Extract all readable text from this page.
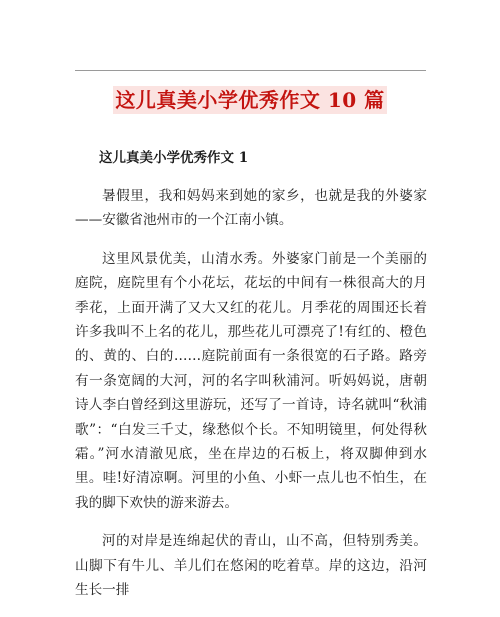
这儿真美小学优秀作文 10 篇
这儿真美小学优秀作文 1

暑假里，我和妈妈来到她的家乡，也就是我的外婆家——安徽省池州市的一个江南小镇。

这里风景优美，山清水秀。外婆家门前是一个美丽的庭院，庭院里有个小花坛，花坛的中间有一株很高大的月季花，上面开满了又大又红的花儿。月季花的周围还长着许多我叫不上名的花儿，那些花儿可漂亮了!有红的、橙色的、黄的、白的……庭院前面有一条很宽的石子路。路旁有一条宽阔的大河，河的名字叫秋浦河。听妈妈说，唐朝诗人李白曾经到这里游玩，还写了一首诗，诗名就叫“秋浦歌”：“白发三千丈，缘愁似个长。不知明镜里，何处得秋霜。”河水清澈见底，坐在岸边的石板上，将双脚伸到水里。哇!好清凉啊。河里的小鱼、小虾一点儿也不怕生，在我的脚下欢快的游来游去。

河的对岸是连绵起伏的青山，山不高，但特别秀美。山脚下有牛儿、羊儿们在悠闲的吃着草。岸的这边，沿河生长一排
